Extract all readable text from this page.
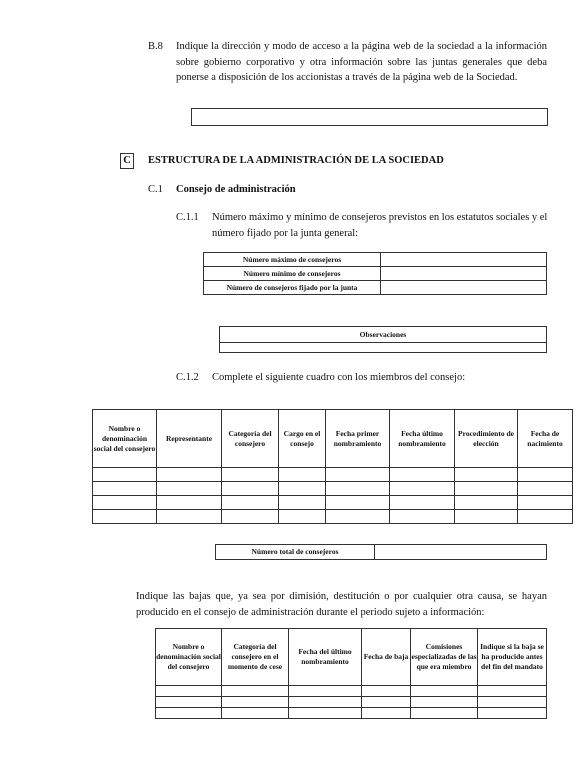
B.8 Indique la dirección y modo de acceso a la página web de la sociedad a la información sobre gobierno corporativo y otra información sobre las juntas generales que deba ponerse a disposición de los accionistas a través de la página web de la Sociedad.
C	ESTRUCTURA DE LA ADMINISTRACIÓN DE LA SOCIEDAD
C.1 Consejo de administración
C.1.1 Número máximo y mínimo de consejeros previstos en los estatutos sociales y el número fijado por la junta general:
Número máximo de consejeros	
Número mínimo de consejeros	
Número de consejeros fijado por la junta	
Observaciones

C.1.2 Complete el siguiente cuadro con los miembros del consejo:
Nombre o denominación social del consejero	Representante	Categoría del consejero	Cargo en el consejo	Fecha primer nombramiento	Fecha último nombramiento	Procedimiento de elección	Fecha de nacimiento

Número total de consejeros	
Indique las bajas que, ya sea por dimisión, destitución o por cualquier otra causa, se hayan producido en el consejo de administración durante el periodo sujeto a información:
Nombre o denominación social del consejero	Categoría del consejero en el momento de cese	Fecha del último nombramiento	Fecha de baja	Comisiones especializadas de las que era miembro	Indique si la baja se ha producido antes del fin del mandato
